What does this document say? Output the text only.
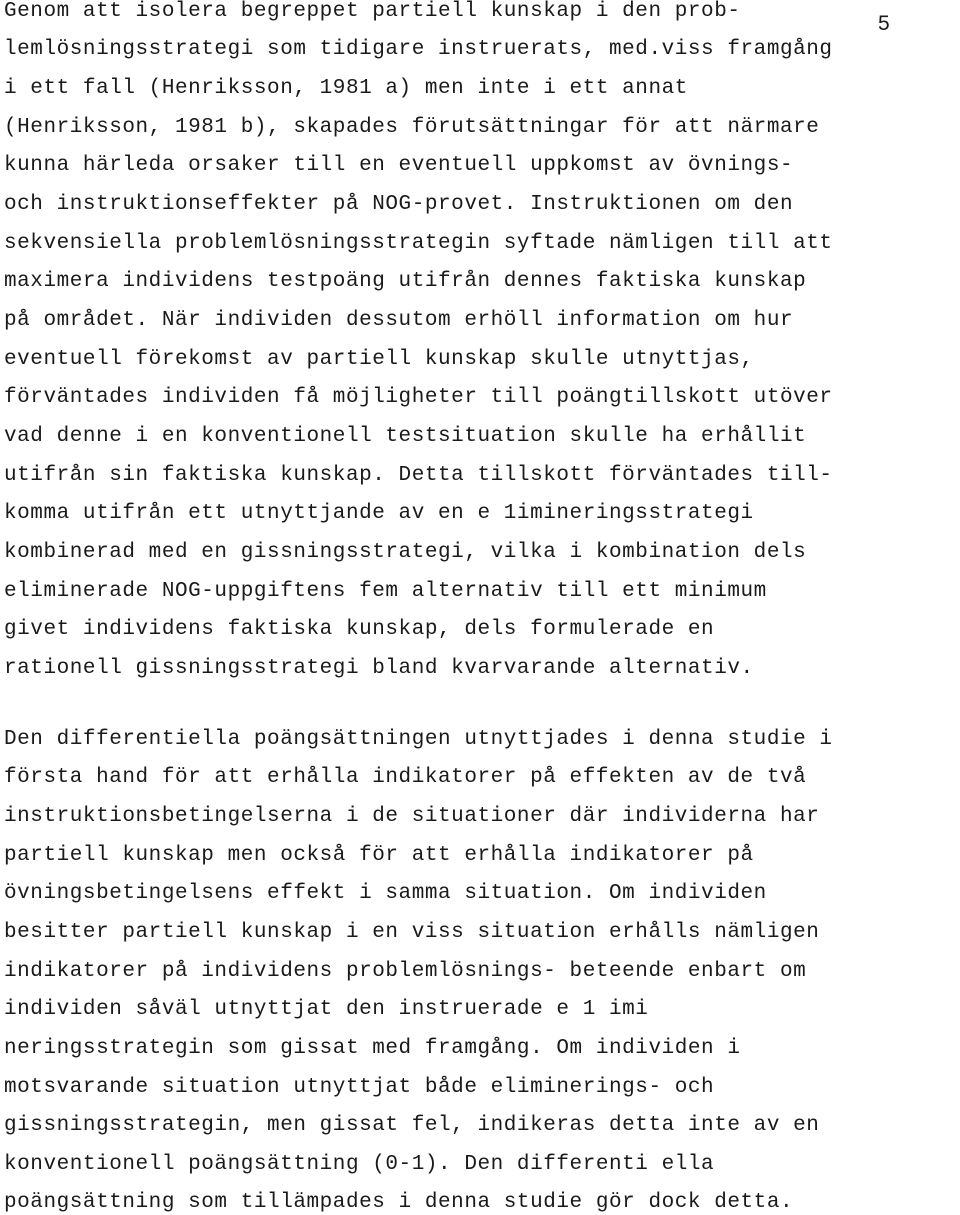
5

Genom att isolera begreppet partiell kunskap i den prob-

lemlösningsstrategi som tidigare instruerats, med.viss framgång

i ett fall (Henriksson, 1981 a) men inte i ett annat

(Henriksson, 1981 b), skapades förutsättningar för att närmare

kunna härleda orsaker till en eventuell uppkomst av övnings-

och instruktionseffekter på NOG-provet. Instruktionen om den

sekvensiella problemlösningsstrategin syftade nämligen till att

maximera individens testpoäng utifrån dennes faktiska kunskap

på området. När individen dessutom erhöll information om hur

eventuell förekomst av partiell kunskap skulle utnyttjas,

förväntades individen få möjligheter till poängtillskott utöver

vad denne i en konventionell testsituation skulle ha erhållit

utifrån sin faktiska kunskap. Detta tillskott förväntades till-

komma utifrån ett utnyttjande av en e 1imineringsstrategi

kombinerad med en gissningsstrategi, vilka i kombination dels

eliminerade NOG-uppgiftens fem alternativ till ett minimum

givet individens faktiska kunskap, dels formulerade en

rationell gissningsstrategi bland kvarvarande alternativ.

Den differentiella poängsättningen utnyttjades i denna studie i

första hand för att erhålla indikatorer på effekten av de två

instruktionsbetingelserna i de situationer där individerna har

partiell kunskap men också för att erhålla indikatorer på

övningsbetingelsens effekt i samma situation. Om individen

besitter partiell kunskap i en viss situation erhålls nämligen

indikatorer på individens problemlösnings- beteende enbart om

individen såväl utnyttjat den instruerade e 1 imi

neringsstrategin som gissat med framgång. Om individen i

motsvarande situation utnyttjat både eliminerings- och

gissningsstrategin, men gissat fel, indikeras detta inte av en

konventionell poängsättning (0-1). Den differenti ella

poängsättning som tillämpades i denna studie gör dock detta.
